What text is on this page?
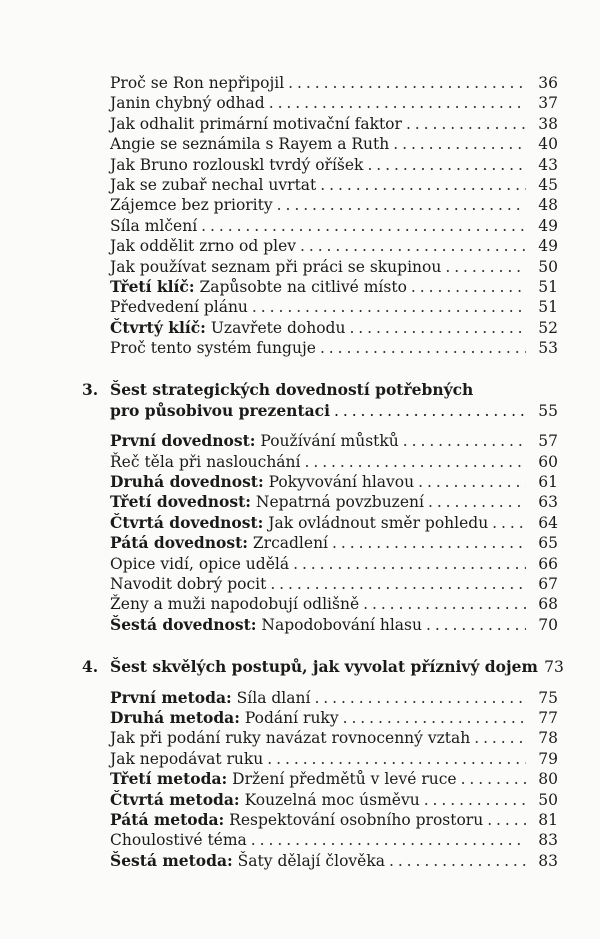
Proč se Ron nepřipojil . . .	36
Janin chybný odhad . . .	37
Jak odhalit primární motivační faktor . . .	38
Angie se seznámila s Rayem a Ruth . . .	40
Jak Bruno rozlouskl tvrdý oříšek . . .	43
Jak se zubař nechal uvrtat . . .	45
Zájemce bez priority . . .	48
Síla mlčení . . .	49
Jak oddělit zrno od plev . . .	49
Jak používat seznam při práci se skupinou . . .	50
Třetí klíč: Zapůsobte na citlivé místo . . .	51
Předvedení plánu . . .	51
Čtvrtý klíč: Uzavřete dohodu . . .	52
Proč tento systém funguje . . .	53
3. Šest strategických dovedností potřebných
pro působivou prezentaci . . .	55
První dovednost: Používání můstků . . .	57
Řeč těla při naslouchání . . .	60
Druhá dovednost: Pokyvování hlavou . . .	61
Třetí dovednost: Nepatrná povzbuzení . . .	63
Čtvrtá dovednost: Jak ovládnout směr pohledu . . .	64
Pátá dovednost: Zrcadlení . . .	65
Opice vidí, opice udělá . . .	66
Navodit dobrý pocit . . .	67
Ženy a muži napodobují odlišně . . .	68
Šestá dovednost: Napodobování hlasu . . .	70
4. Šest skvělých postupů, jak vyvolat příznivý dojem 73
První metoda: Síla dlaní . . .	75
Druhá metoda: Podání ruky . . .	77
Jak při podání ruky navázat rovnocenný vztah . . .	78
Jak nepodávat ruku . . .	79
Třetí metoda: Držení předmětů v levé ruce . . .	80
Čtvrtá metoda: Kouzelná moc úsměvu . . .	50
Pátá metoda: Respektování osobního prostoru . . .	81
Choulostivé téma . . .	83
Šestá metoda: Šaty dělají člověka . . .	83
